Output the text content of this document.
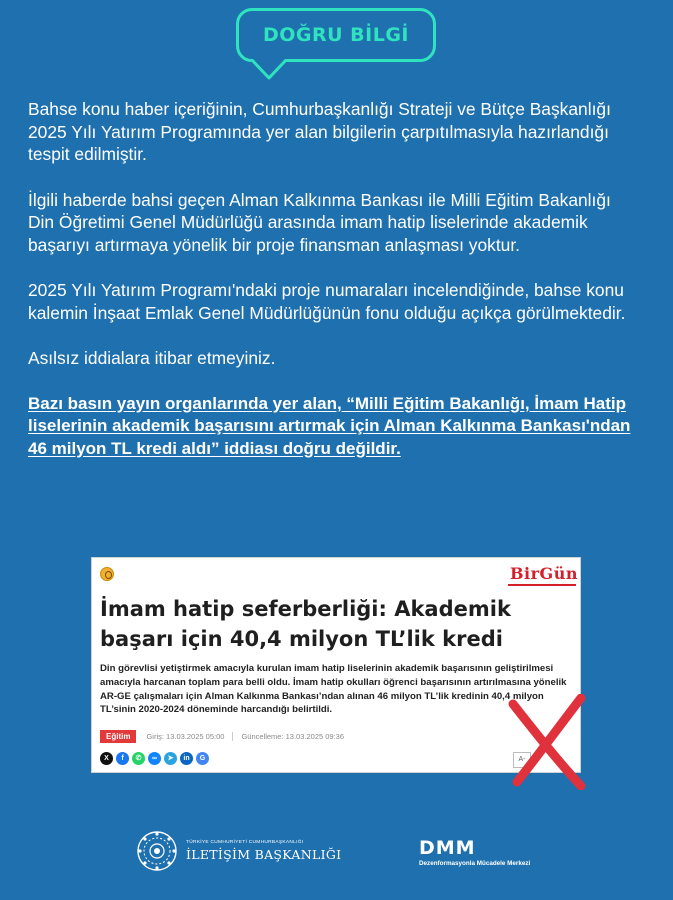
DOĞRU BİLGİ

Bahse konu haber içeriğinin, Cumhurbaşkanlığı Strateji ve Bütçe Başkanlığı 2025 Yılı Yatırım Programında yer alan bilgilerin çarpıtılmasıyla hazırlandığı tespit edilmiştir.

İlgili haberde bahsi geçen Alman Kalkınma Bankası ile Milli Eğitim Bakanlığı Din Öğretimi Genel Müdürlüğü arasında imam hatip liselerinde akademik başarıyı artırmaya yönelik bir proje finansman anlaşması yoktur.

2025 Yılı Yatırım Programı'ndaki proje numaraları incelendiğinde, bahse konu kalemin İnşaat Emlak Genel Müdürlüğünün fonu olduğu açıkça görülmektedir.

Asılsız iddialara itibar etmeyiniz.

Bazı basın yayın organlarında yer alan, “Milli Eğitim Bakanlığı, İmam Hatip liselerinin akademik başarısını artırmak için Alman Kalkınma Bankası'ndan 46 milyon TL kredi aldı” iddiası doğru değildir.

BirGün
İmam hatip seferberliği: Akademik başarı için 40,4 milyon TL’lik kredi
Din görevlisi yetiştirmek amacıyla kurulan imam hatip liselerinin akademik başarısının geliştirilmesi amacıyla harcanan toplam para belli oldu. İmam hatip okulları öğrenci başarısının artırılmasına yönelik AR-GE çalışmaları için Alman Kalkınma Bankası’ndan alınan 46 milyon TL’lik kredinin 40,4 milyon TL’sinin 2020-2024 döneminde harcandığı belirtildi.
Eğitim	Giriş: 13.03.2025 05:00 Güncelleme: 13.03.2025 09:36
X	f	✆	∞	➤	in	G	A-
TÜRKİYE CUMHURİYETİ CUMHURBAŞKANLIĞI
İLETİŞİM BAŞKANLIĞI	DMM
Dezenformasyonla Mücadele Merkezi
